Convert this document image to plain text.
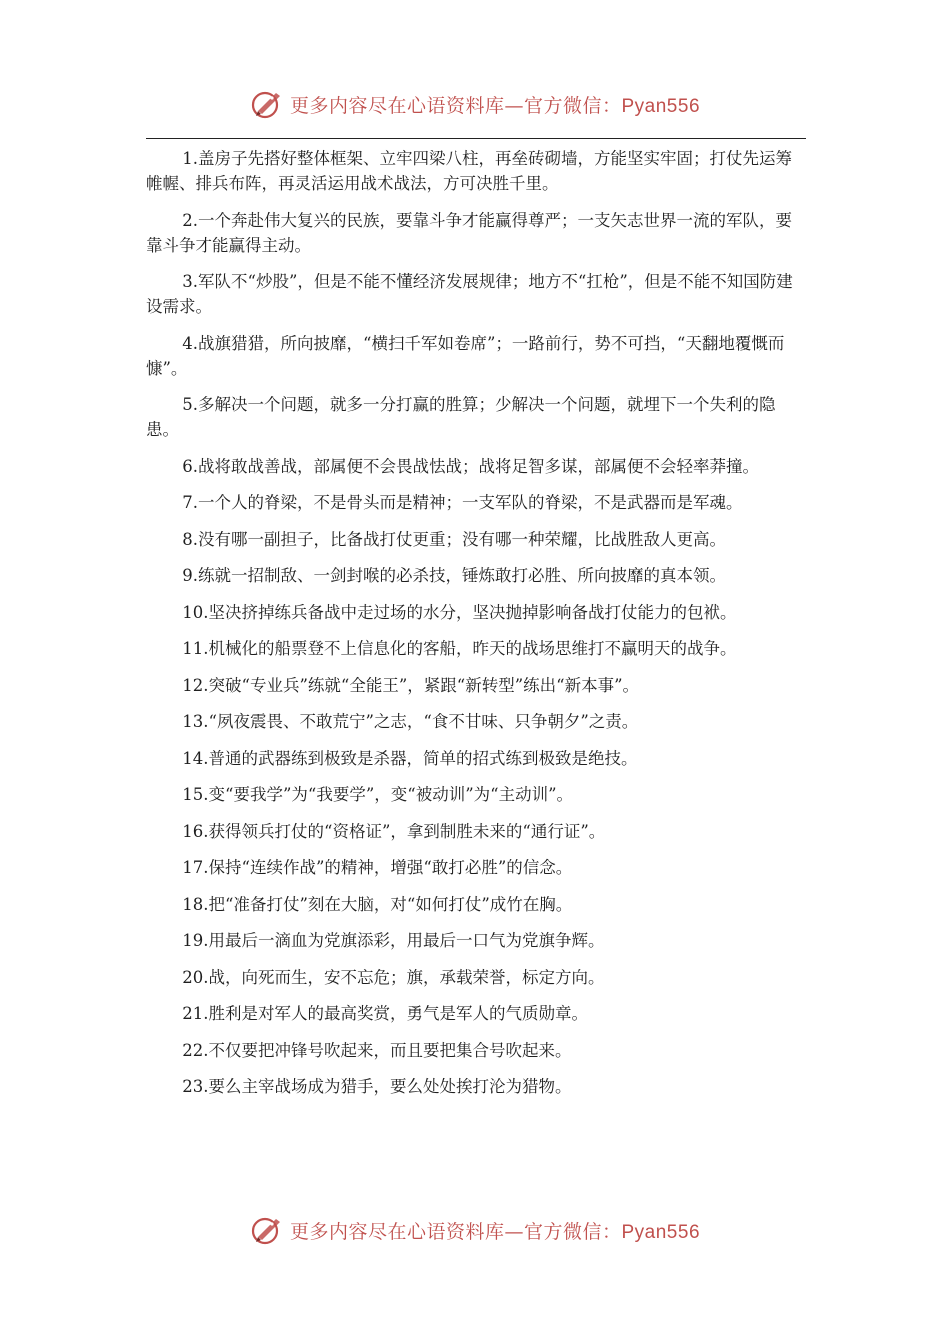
更多内容尽在心语资料库—官方微信：Pyan556

1.盖房子先搭好整体框架、立牢四梁八柱，再垒砖砌墙，方能坚实牢固；打仗先运筹帷幄、排兵布阵，再灵活运用战术战法，方可决胜千里。

2.一个奔赴伟大复兴的民族，要靠斗争才能赢得尊严；一支矢志世界一流的军队，要靠斗争才能赢得主动。

3.军队不“炒股”，但是不能不懂经济发展规律；地方不“扛枪”，但是不能不知国防建设需求。

4.战旗猎猎，所向披靡，“横扫千军如卷席”；一路前行，势不可挡，“天翻地覆慨而慷”。

5.多解决一个问题，就多一分打赢的胜算；少解决一个问题，就埋下一个失利的隐患。

6.战将敢战善战，部属便不会畏战怯战；战将足智多谋，部属便不会轻率莽撞。

7.一个人的脊梁，不是骨头而是精神；一支军队的脊梁，不是武器而是军魂。

8.没有哪一副担子，比备战打仗更重；没有哪一种荣耀，比战胜敌人更高。

9.练就一招制敌、一剑封喉的必杀技，锤炼敢打必胜、所向披靡的真本领。

10.坚决挤掉练兵备战中走过场的水分，坚决抛掉影响备战打仗能力的包袱。

11.机械化的船票登不上信息化的客船，昨天的战场思维打不赢明天的战争。

12.突破“专业兵”练就“全能王”，紧跟“新转型”练出“新本事”。

13.“夙夜震畏、不敢荒宁”之志，“食不甘味、只争朝夕”之责。

14.普通的武器练到极致是杀器，简单的招式练到极致是绝技。

15.变“要我学”为“我要学”，变“被动训”为“主动训”。

16.获得领兵打仗的“资格证”，拿到制胜未来的“通行证”。

17.保持“连续作战”的精神，增强“敢打必胜”的信念。

18.把“准备打仗”刻在大脑，对“如何打仗”成竹在胸。

19.用最后一滴血为党旗添彩，用最后一口气为党旗争辉。

20.战，向死而生，安不忘危；旗，承载荣誉，标定方向。

21.胜利是对军人的最高奖赏，勇气是军人的气质勋章。

22.不仅要把冲锋号吹起来，而且要把集合号吹起来。

23.要么主宰战场成为猎手，要么处处挨打沦为猎物。

更多内容尽在心语资料库—官方微信：Pyan556
